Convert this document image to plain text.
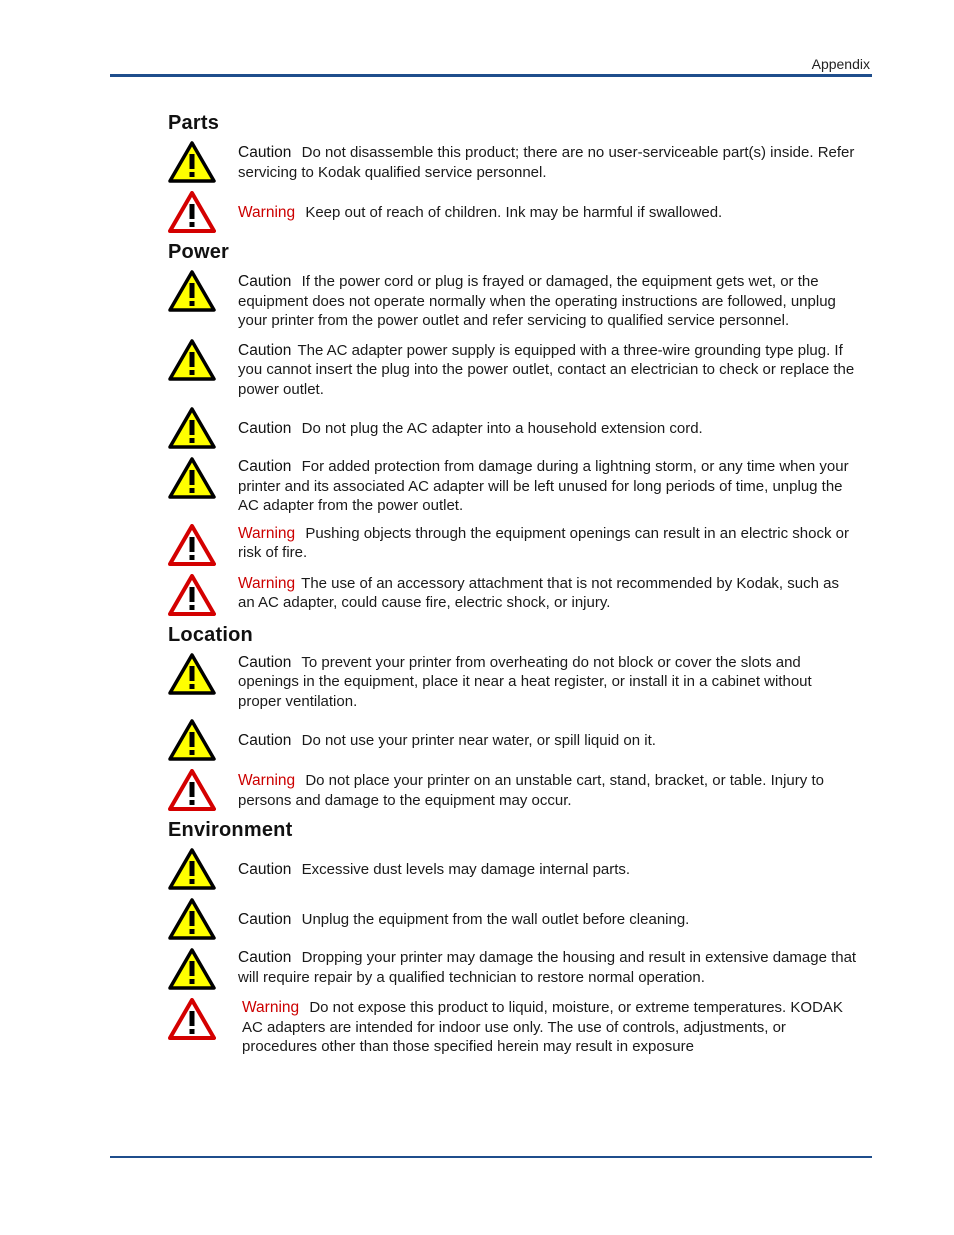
Appendix
Parts
Caution Do not disassemble this product; there are no user-serviceable part(s) inside. Refer servicing to Kodak qualified service personnel.
Warning Keep out of reach of children. Ink may be harmful if swallowed.
Power
Caution If the power cord or plug is frayed or damaged, the equipment gets wet, or the equipment does not operate normally when the operating instructions are followed, unplug your printer from the power outlet and refer servicing to qualified service personnel.
Caution The AC adapter power supply is equipped with a three-wire grounding type plug. If you cannot insert the plug into the power outlet, contact an electrician to check or replace the power outlet.
Caution Do not plug the AC adapter into a household extension cord.
Caution For added protection from damage during a lightning storm, or any time when your printer and its associated AC adapter will be left unused for long periods of time, unplug the AC adapter from the power outlet.
Warning Pushing objects through the equipment openings can result in an electric shock or risk of fire.
Warning The use of an accessory attachment that is not recommended by Kodak, such as an AC adapter, could cause fire, electric shock, or injury.
Location
Caution To prevent your printer from overheating do not block or cover the slots and openings in the equipment, place it near a heat register, or install it in a cabinet without proper ventilation.
Caution Do not use your printer near water, or spill liquid on it.
Warning Do not place your printer on an unstable cart, stand, bracket, or table. Injury to persons and damage to the equipment may occur.
Environment
Caution Excessive dust levels may damage internal parts.
Caution Unplug the equipment from the wall outlet before cleaning.
Caution Dropping your printer may damage the housing and result in extensive damage that will require repair by a qualified technician to restore normal operation.
Warning Do not expose this product to liquid, moisture, or extreme temperatures. KODAK AC adapters are intended for indoor use only. The use of controls, adjustments, or procedures other than those specified herein may result in exposure
